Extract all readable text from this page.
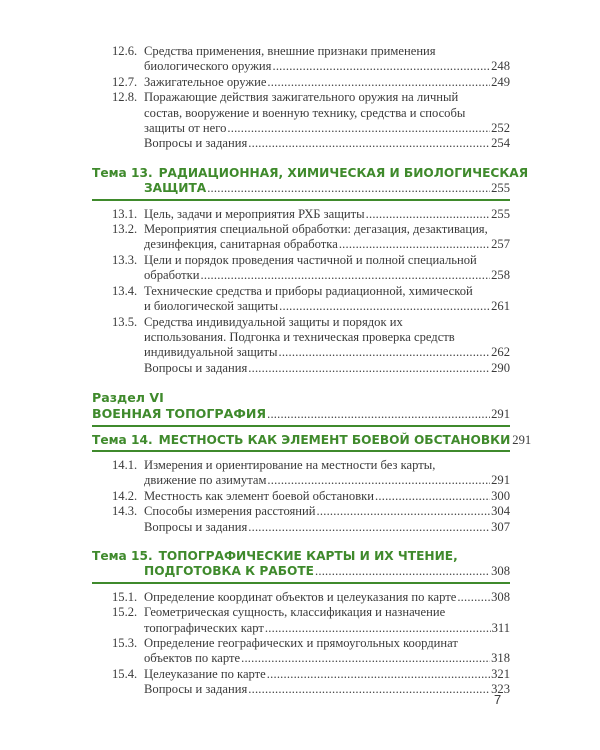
12.6. Средства применения, внешние признаки применения
биологического оружия .....	248
12.7. Зажигательное оружие .....	249
12.8. Поражающие действия зажигательного оружия на личный
состав, вооружение и военную технику, средства и способы
защиты от него .....	252
Вопросы и задания .....	254
Тема 13. РАДИАЦИОННАЯ, ХИМИЧЕСКАЯ И БИОЛОГИЧЕСКАЯ
ЗАЩИТА .....	255
13.1. Цель, задачи и мероприятия РХБ защиты .....	255
13.2. Мероприятия специальной обработки: дегазация, дезактивация,
дезинфекция, санитарная обработка .....	257
13.3. Цели и порядок проведения частичной и полной специальной
обработки .....	258
13.4. Технические средства и приборы радиационной, химической
и биологической защиты .....	261
13.5. Средства индивидуальной защиты и порядок их
использования. Подгонка и техническая проверка средств
индивидуальной защиты .....	262
Вопросы и задания .....	290
Раздел VI
ВОЕННАЯ ТОПОГРАФИЯ .....	291
Тема 14. МЕСТНОСТЬ КАК ЭЛЕМЕНТ БОЕВОЙ ОБСТАНОВКИ 291
14.1. Измерения и ориентирование на местности без карты,
движение по азимутам .....	291
14.2. Местность как элемент боевой обстановки .....	300
14.3. Способы измерения расстояний .....	304
Вопросы и задания .....	307
Тема 15. ТОПОГРАФИЧЕСКИЕ КАРТЫ И ИХ ЧТЕНИЕ,
ПОДГОТОВКА К РАБОТЕ .....	308
15.1. Определение координат объектов и целеуказания по карте .....	308
15.2. Геометрическая сущность, классификация и назначение
топографических карт .....	311
15.3. Определение географических и прямоугольных координат
объектов по карте .....	318
15.4. Целеуказание по карте .....	321
Вопросы и задания .....	323
7
